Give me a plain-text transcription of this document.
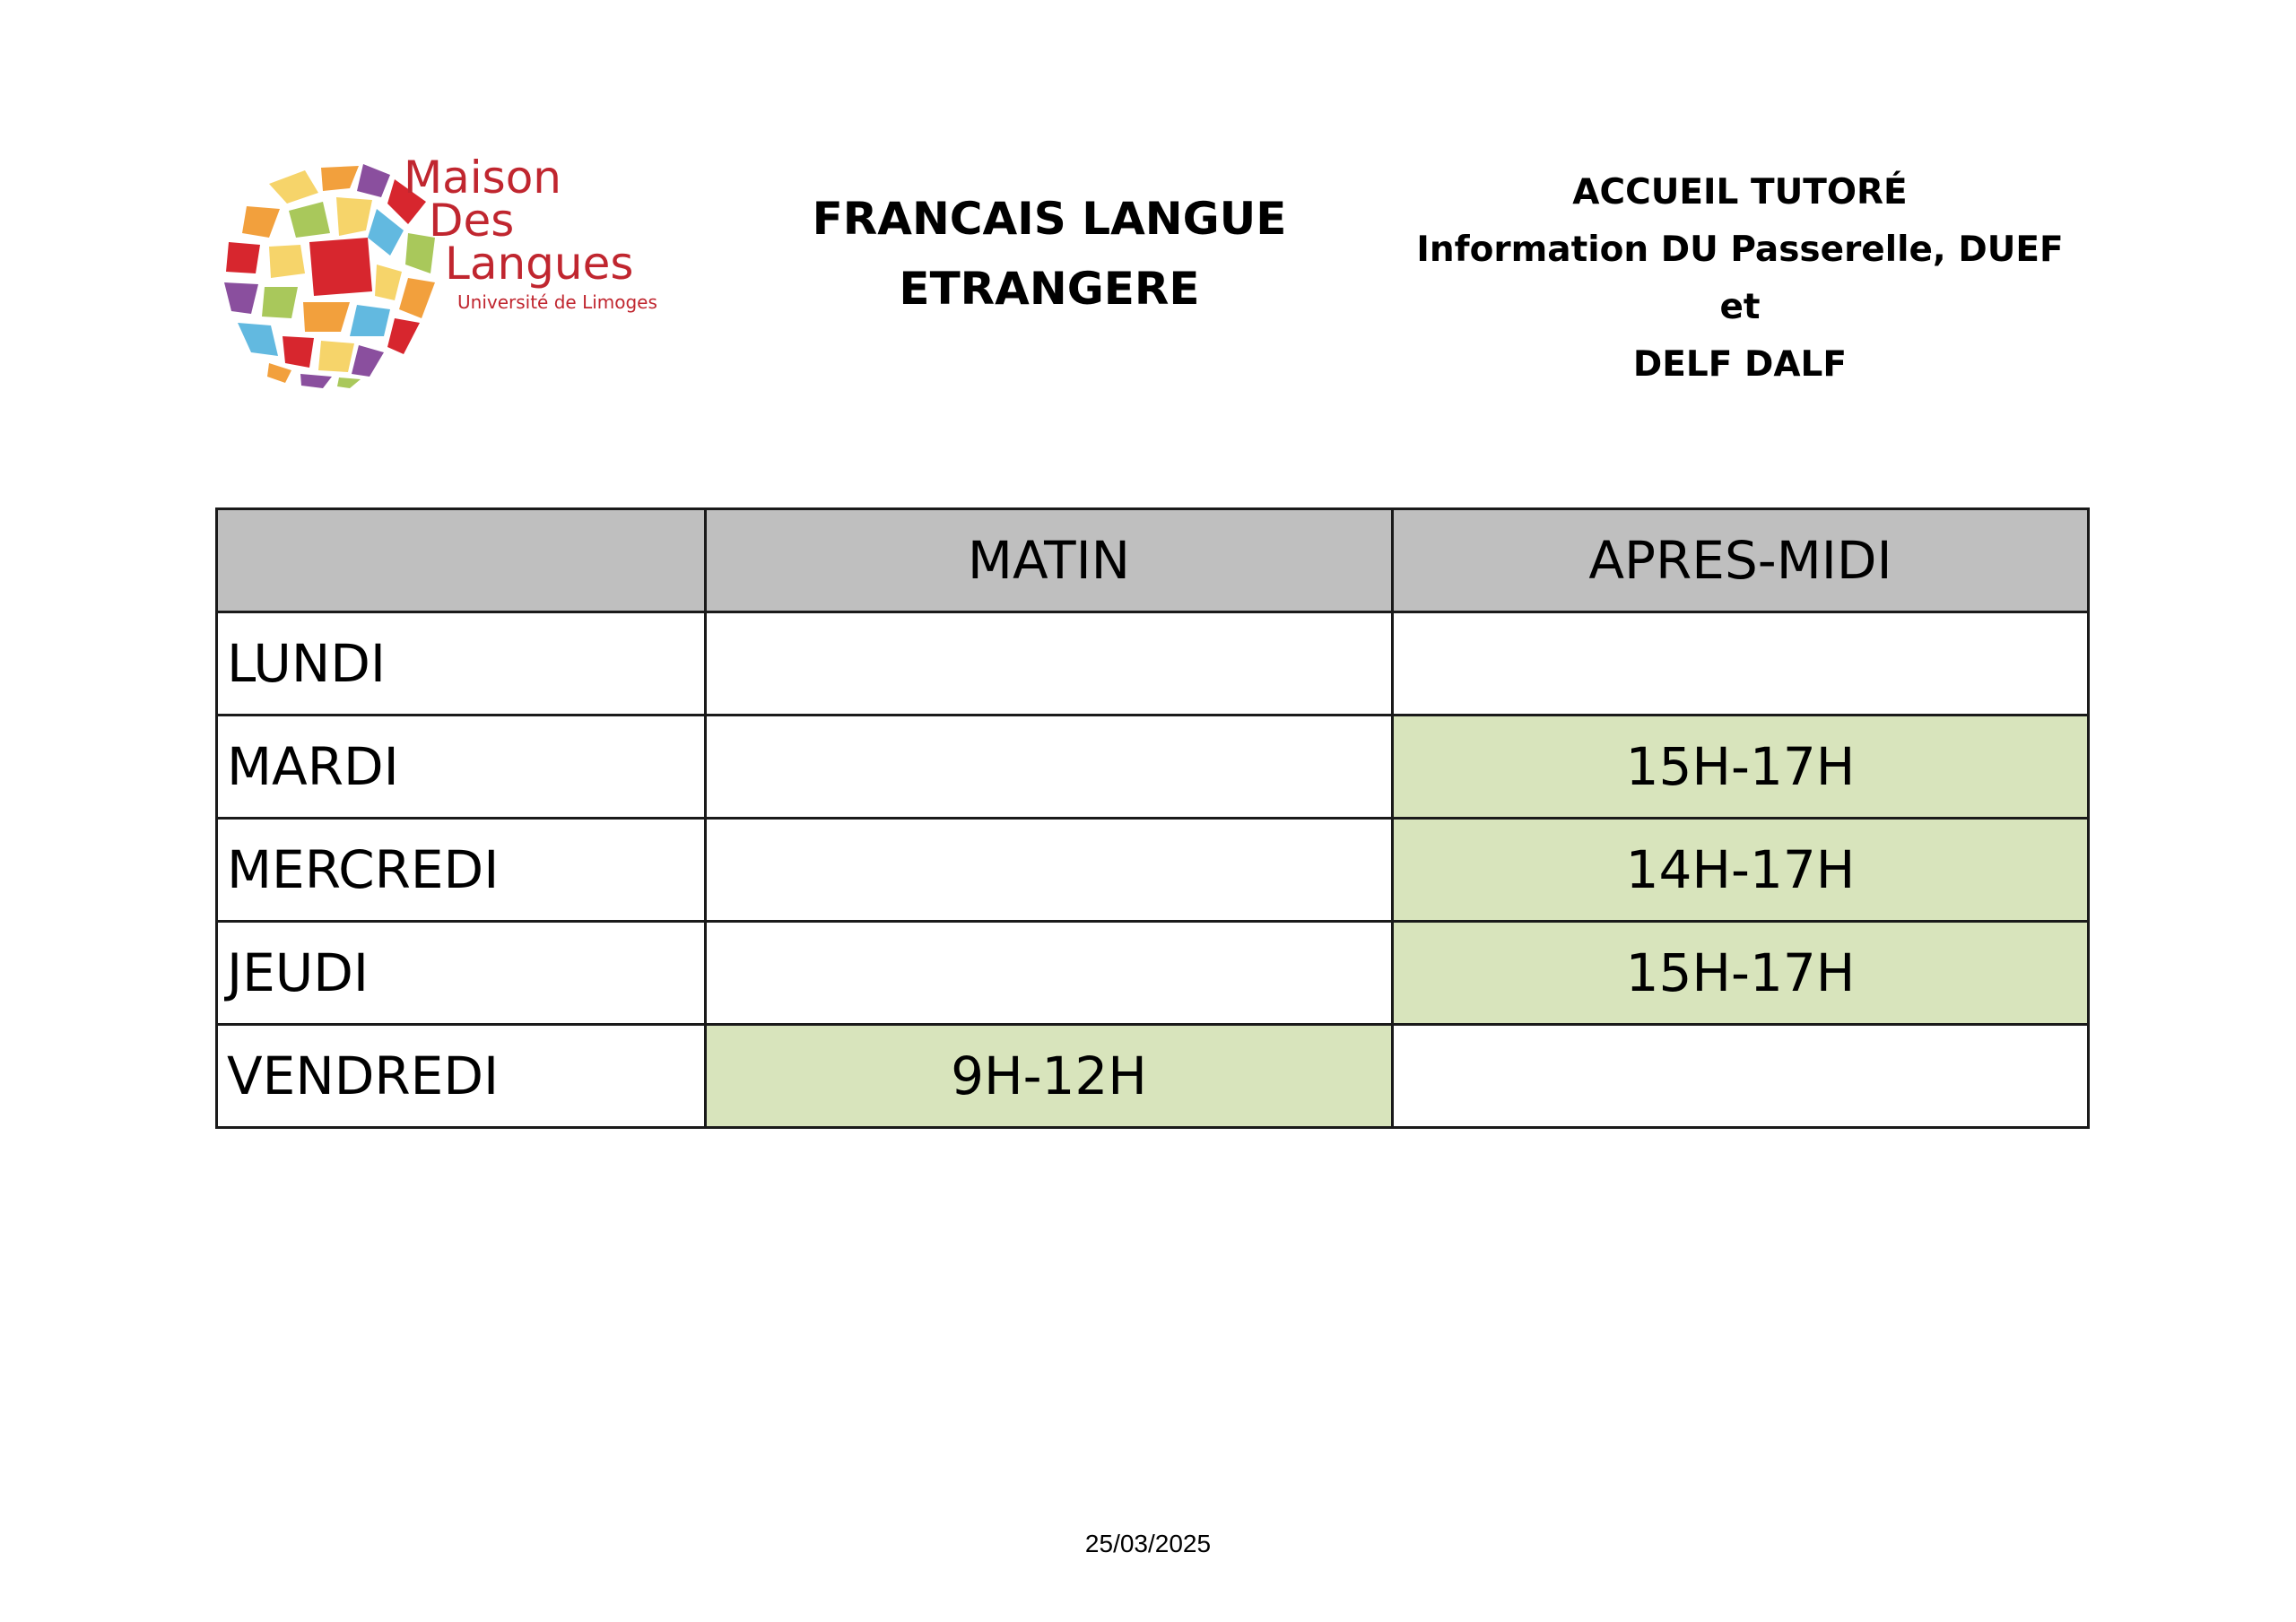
Maison
Des
Langues
Université de Limoges
FRANCAIS LANGUE
ETRANGERE
ACCUEIL TUTORÉ
Information DU Passerelle, DUEF et
DELF DALF
	MATIN	APRES-MIDI
LUNDI		
MARDI		15H-17H
MERCREDI		14H-17H
JEUDI		15H-17H
VENDREDI	9H-12H	
25/03/2025
